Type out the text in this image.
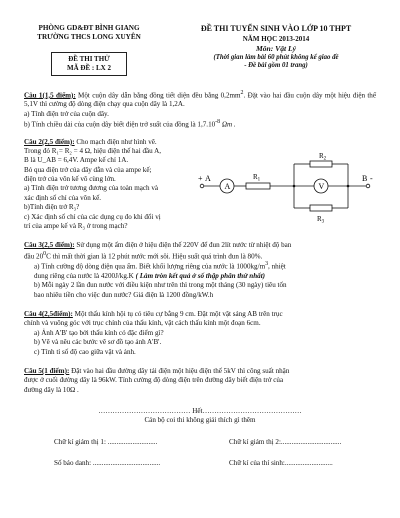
PHÒNG GD&ĐT BÌNH GIANG
TRƯỜNG THCS LONG XUYÊN
ĐỀ THI THỬ
MÃ ĐỀ : LX 2
ĐỀ THI TUYỂN SINH VÀO LỚP 10 THPT
NĂM HỌC 2013-2014
Môn: Vật Lý
(Thời gian làm bài 60 phút không kể giao đề
- Đề bài gồm 01 trang)

Câu 1(1,5 điểm): Một cuộn dây dẫn bằng đồng tiết diện đều bằng $0,2mm^2$. Đặt vào hai đầu cuộn dây một hiệu điện thế 5,1V thì cường độ dòng điện chạy qua cuộn dây là 1,2A.

a) Tính điện trở của cuộn dây.

b) Tính chiều dài của cuộn dây biết điện trở suất của đồng là $1,7.10^{-8}$ Ωm .

Câu 2(2,5 điểm): Cho mạch điện như hình vẽ.

Trong đó R₁= R₂ = 4 Ω, hiệu điện thế hai đầu A,

B là U_AB = 6,4V. Ampe kế chỉ 1A.

Bỏ qua điện trở của dây dẫn và của ampe kế;

điện trở của vôn kế vô cùng lớn.

a) Tính điện trở tương đương của toàn mạch và

xác định số chỉ của vôn kế.

b)Tính điện trở R₃?

c) Xác định số chỉ của các dụng cụ đo khi đổi vị

trí của ampe kế và R₃ ở trong mạch?

+ A
A
$R_1$
$R_2$
V
$R_3$
B -

Câu 3(2,5 điểm): Sử dụng một ấm điện ở hiệu điện thế 220V để đun 2lít nước từ nhiệt độ ban

đầu $20^0C$ thì mất thời gian là 12 phút nước mới sôi. Hiệu suất quá trình đun là 80%.

a) Tính cường độ dòng điện qua ấm. Biết khối lượng riêng của nước là $1000kg/m^3$, nhiệt

dung riêng của nước là 4200J/kg.K ( Làm tròn kết quả ở số thập phân thứ nhất)

b) Mỗi ngày 2 lần đun nước với điều kiện như trên thì trong một tháng (30 ngày) tiêu tốn

bao nhiêu tiền cho việc đun nước? Giá điện là 1200 đồng/kW.h

Câu 4(2,5điểm): Một thấu kính hội tụ có tiêu cự bằng 9 cm. Đặt một vật sáng AB trên trục

chính và vuông góc với trục chính của thấu kính, vật cách thấu kính một đoạn 6cm.

a) Ảnh A'B' tạo bởi thấu kính có đặc điểm gì?

b) Vẽ và nêu các bước vẽ sơ đồ tạo ảnh A'B'.

c) Tính tỉ số độ cao giữa vật và ảnh.

Câu 5(1 điểm): Đặt vào hai đầu đường dây tải điện một hiệu điện thế 5kV thì công suất nhận

được ở cuối đường dây là 96kW. Tính cường độ dòng điện trên đường dây biết điện trở của

đường dây là 10Ω .

………………………………… Hết……………………………………

Cán bộ coi thi không giải thích gì thêm

Chữ kí giám thị 1: ............................	Chữ kí giám thị 2:..................................
Số báo danh: ......................................	Chữ kí của thí sinh:...........................
